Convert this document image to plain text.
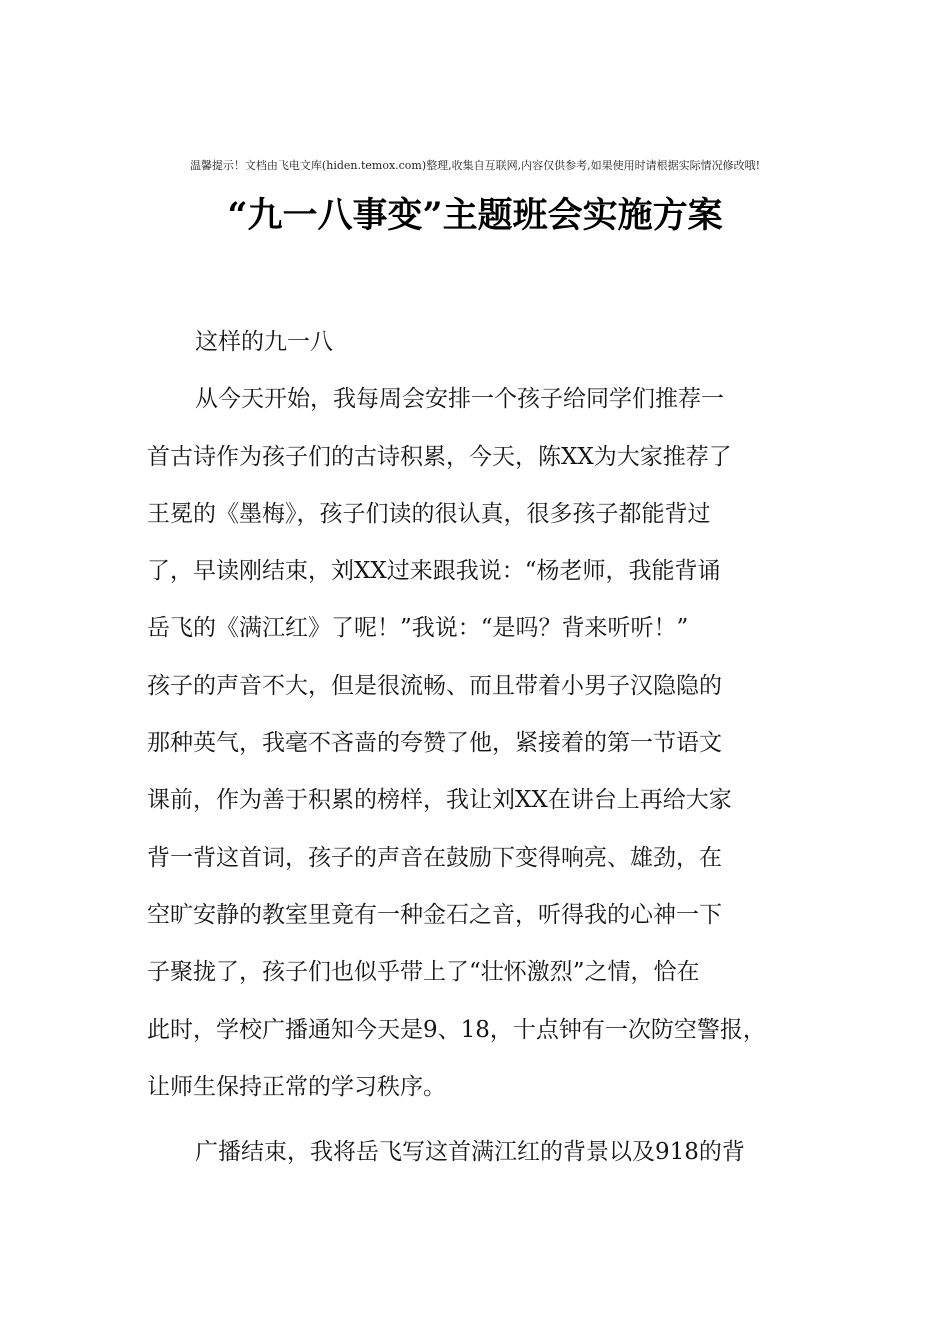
温馨提示！文档由飞电文库(hiden.temox.com)整理,收集自互联网,内容仅供参考,如果使用时请根据实际情况修改哦!
“九一八事变”主题班会实施方案
这样的九一八
从今天开始，我每周会安排一个孩子给同学们推荐一
首古诗作为孩子们的古诗积累，今天，陈XX为大家推荐了
王冕的《墨梅》，孩子们读的很认真，很多孩子都能背过
了，早读刚结束，刘XX过来跟我说：“杨老师，我能背诵
岳飞的《满江红》了呢！”我说：“是吗？背来听听！”
孩子的声音不大，但是很流畅、而且带着小男子汉隐隐的
那种英气，我毫不吝啬的夸赞了他，紧接着的第一节语文
课前，作为善于积累的榜样，我让刘XX在讲台上再给大家
背一背这首词，孩子的声音在鼓励下变得响亮、雄劲，在
空旷安静的教室里竟有一种金石之音，听得我的心神一下
子聚拢了，孩子们也似乎带上了“壮怀激烈”之情，恰在
此时，学校广播通知今天是9、18，十点钟有一次防空警报，
让师生保持正常的学习秩序。
广播结束，我将岳飞写这首满江红的背景以及918的背
